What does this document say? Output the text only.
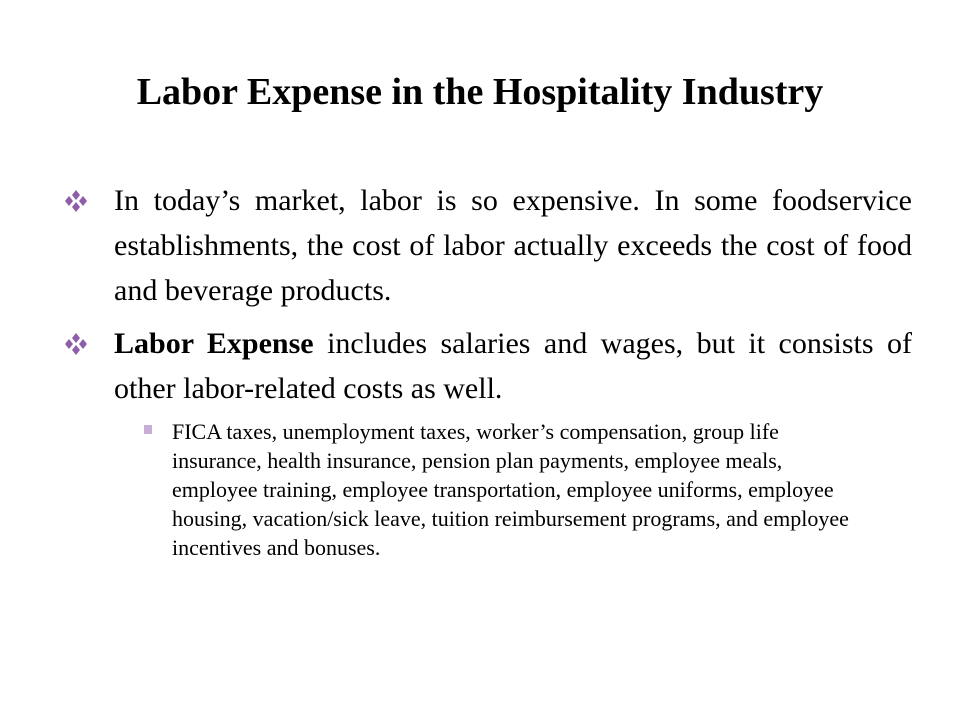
Labor Expense in the Hospitality Industry
In today’s market, labor is so expensive. In some foodservice establishments, the cost of labor actually exceeds the cost of food and beverage products.
Labor Expense includes salaries and wages, but it consists of other labor-related costs as well.
FICA taxes, unemployment taxes, worker’s compensation, group life insurance, health insurance, pension plan payments, employee meals, employee training, employee transportation, employee uniforms, employee housing, vacation/sick leave, tuition reimbursement programs, and employee incentives and bonuses.
